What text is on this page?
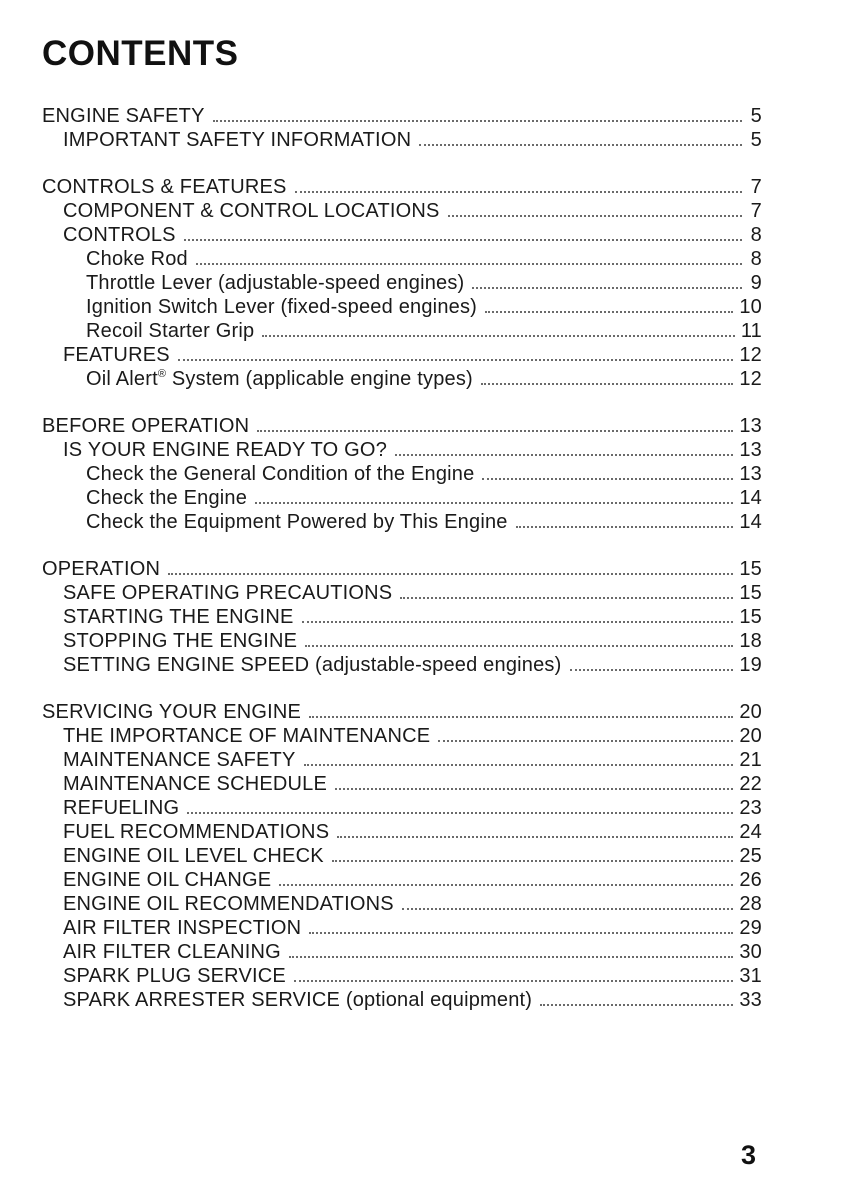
CONTENTS
ENGINE SAFETY	5
IMPORTANT SAFETY INFORMATION	5
CONTROLS & FEATURES	7
COMPONENT & CONTROL LOCATIONS	7
CONTROLS	8
Choke Rod	8
Throttle Lever (adjustable-speed engines)	9
Ignition Switch Lever (fixed-speed engines)	10
Recoil Starter Grip	11
FEATURES	12
Oil Alert® System (applicable engine types)	12
BEFORE OPERATION	13
IS YOUR ENGINE READY TO GO?	13
Check the General Condition of the Engine	13
Check the Engine	14
Check the Equipment Powered by This Engine	14
OPERATION	15
SAFE OPERATING PRECAUTIONS	15
STARTING THE ENGINE	15
STOPPING THE ENGINE	18
SETTING ENGINE SPEED (adjustable-speed engines)	19
SERVICING YOUR ENGINE	20
THE IMPORTANCE OF MAINTENANCE	20
MAINTENANCE SAFETY	21
MAINTENANCE SCHEDULE	22
REFUELING	23
FUEL RECOMMENDATIONS	24
ENGINE OIL LEVEL CHECK	25
ENGINE OIL CHANGE	26
ENGINE OIL RECOMMENDATIONS	28
AIR FILTER INSPECTION	29
AIR FILTER CLEANING	30
SPARK PLUG SERVICE	31
SPARK ARRESTER SERVICE (optional equipment)	33
3
